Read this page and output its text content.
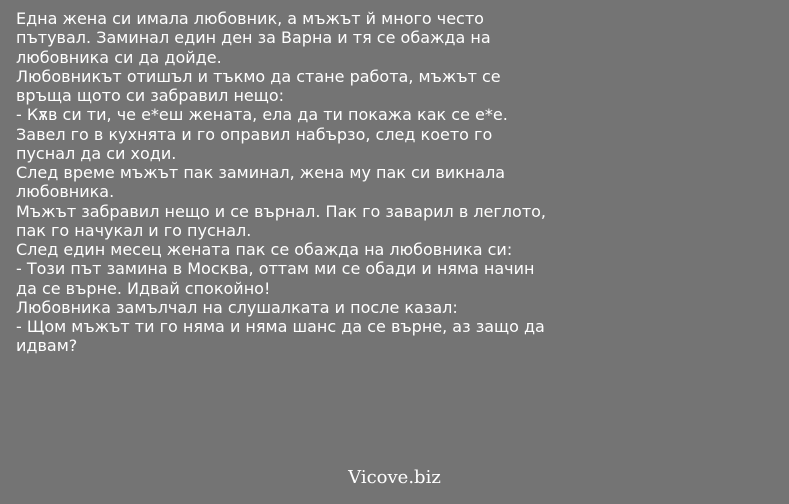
Една жена си имала любовник, а мъжът й много често
пътувал. Заминал един ден за Варна и тя се обажда на
любовника си да дойде.
Любовникът отишъл и тъкмо да стане работа, мъжът се
връща щото си забравил нещо:
- Кѫв си ти, че е*еш жената, ела да ти покажа как се е*е.
Завел го в кухнята и го оправил набързо, след което го
пуснал да си ходи.
След време мъжът пак заминал, жена му пак си викнала
любовника.
Мъжът забравил нещо и се върнал. Пак го заварил в леглото,
пак го начукал и го пуснал.
След един месец жената пак се обажда на любовника си:
- Този път замина в Москва, оттам ми се обади и няма начин
да се върне. Идвай спокойно!
Любовника замълчал на слушалката и после казал:
- Щом мъжът ти го няма и няма шанс да се върне, аз защо да
идвам?
Vicove.biz
